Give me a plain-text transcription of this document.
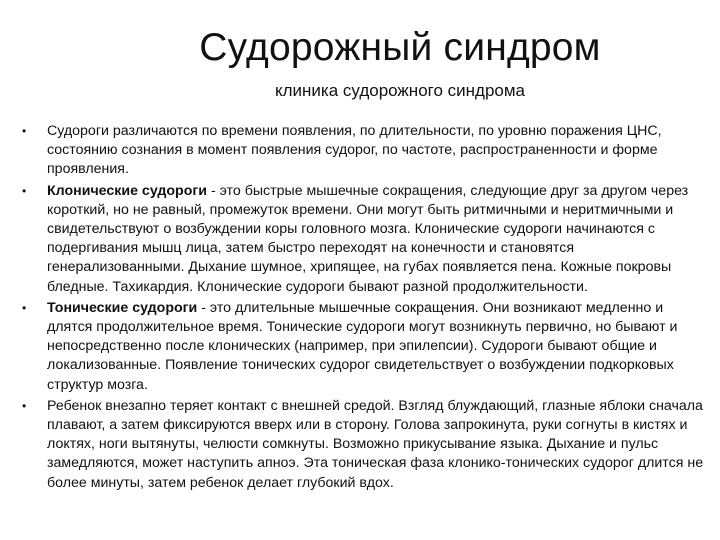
Судорожный синдром

клиника судорожного синдрома

• Судороги различаются по времени появления, по длительности, по уровню поражения ЦНС, состоянию сознания в момент появления судорог, по частоте, распространенности и форме проявления.
• Клонические судороги - это быстрые мышечные сокращения, следующие друг за другом через короткий, но не равный, промежуток времени. Они могут быть ритмичными и неритмичными и свидетельствуют о возбуждении коры головного мозга. Клонические судороги начинаются с подергивания мышц лица, затем быстро переходят на конечности и становятся генерализованными. Дыхание шумное, хрипящее, на губах появляется пена. Кожные покровы бледные. Тахикардия. Клонические судороги бывают разной продолжительности.
• Тонические судороги - это длительные мышечные сокращения. Они возникают медленно и длятся продолжительное время. Тонические судороги могут возникнуть первично, но бывают и непосредственно после клонических (например, при эпилепсии). Судороги бывают общие и локализованные. Появление тонических судорог свидетельствует о возбуждении подкорковых структур мозга.
• Ребенок внезапно теряет контакт с внешней средой. Взгляд блуждающий, глазные яблоки сначала плавают, а затем фиксируются вверх или в сторону. Голова запрокинута, руки согнуты в кистях и локтях, ноги вытянуты, челюсти сомкнуты. Возможно прикусывание языка. Дыхание и пульс замедляются, может наступить апноэ. Эта тоническая фаза клонико-тонических судорог длится не более минуты, затем ребенок делает глубокий вдох.
